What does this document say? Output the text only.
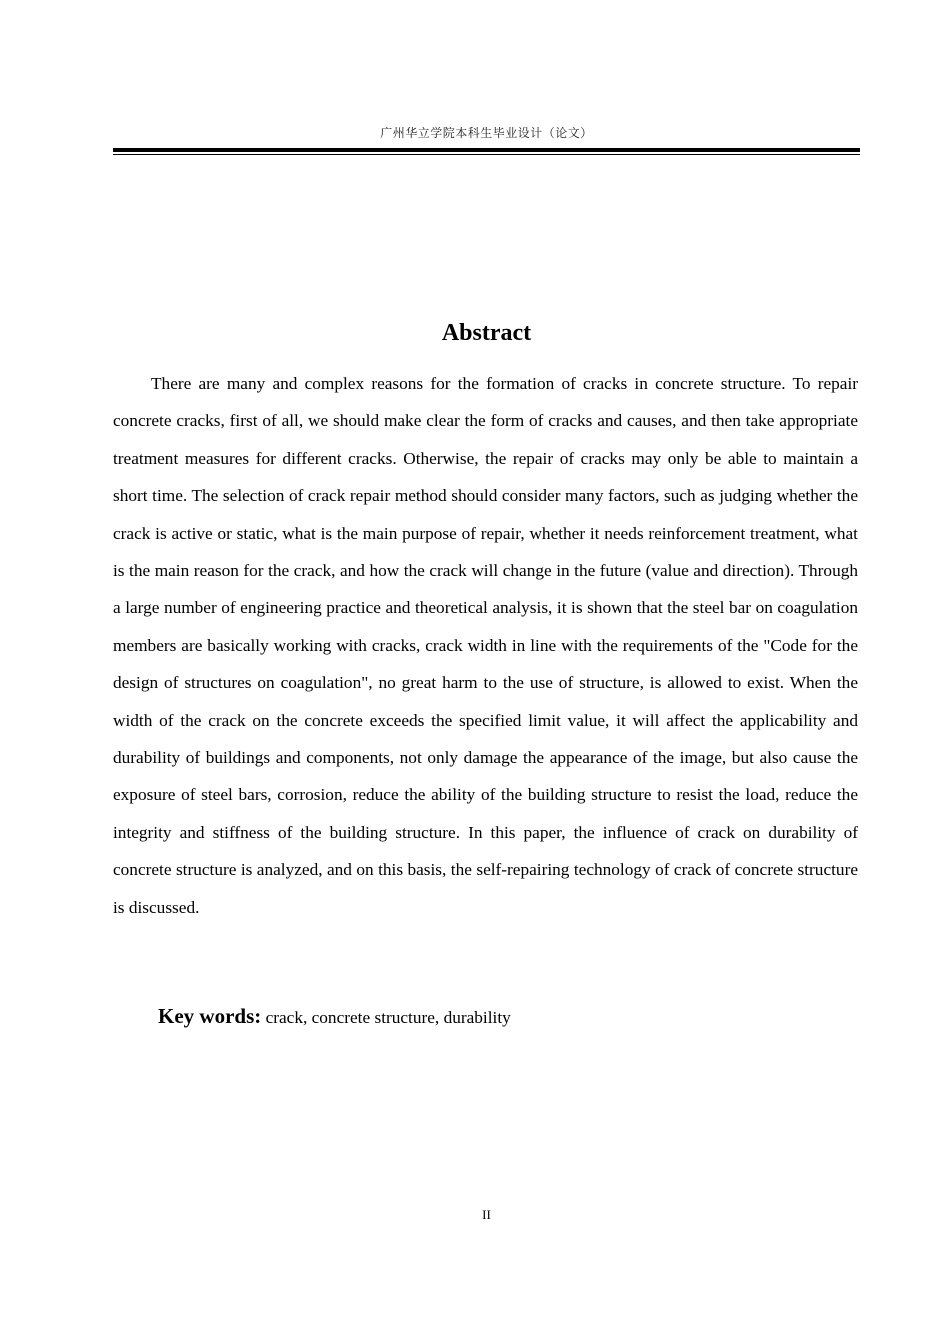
广州华立学院本科生毕业设计（论文）
Abstract

There are many and complex reasons for the formation of cracks in concrete structure. To repair concrete cracks, first of all, we should make clear the form of cracks and causes, and then take appropriate treatment measures for different cracks. Otherwise, the repair of cracks may only be able to maintain a short time. The selection of crack repair method should consider many factors, such as judging whether the crack is active or static, what is the main purpose of repair, whether it needs reinforcement treatment, what is the main reason for the crack, and how the crack will change in the future (value and direction). Through a large number of engineering practice and theoretical analysis, it is shown that the steel bar on coagulation members are basically working with cracks, crack width in line with the requirements of the "Code for the design of structures on coagulation", no great harm to the use of structure, is allowed to exist. When the width of the crack on the concrete exceeds the specified limit value, it will affect the applicability and durability of buildings and components, not only damage the appearance of the image, but also cause the exposure of steel bars, corrosion, reduce the ability of the building structure to resist the load, reduce the integrity and stiffness of the building structure. In this paper, the influence of crack on durability of concrete structure is analyzed, and on this basis, the self-repairing technology of crack of concrete structure is discussed.

Key words: crack, concrete structure, durability
II
